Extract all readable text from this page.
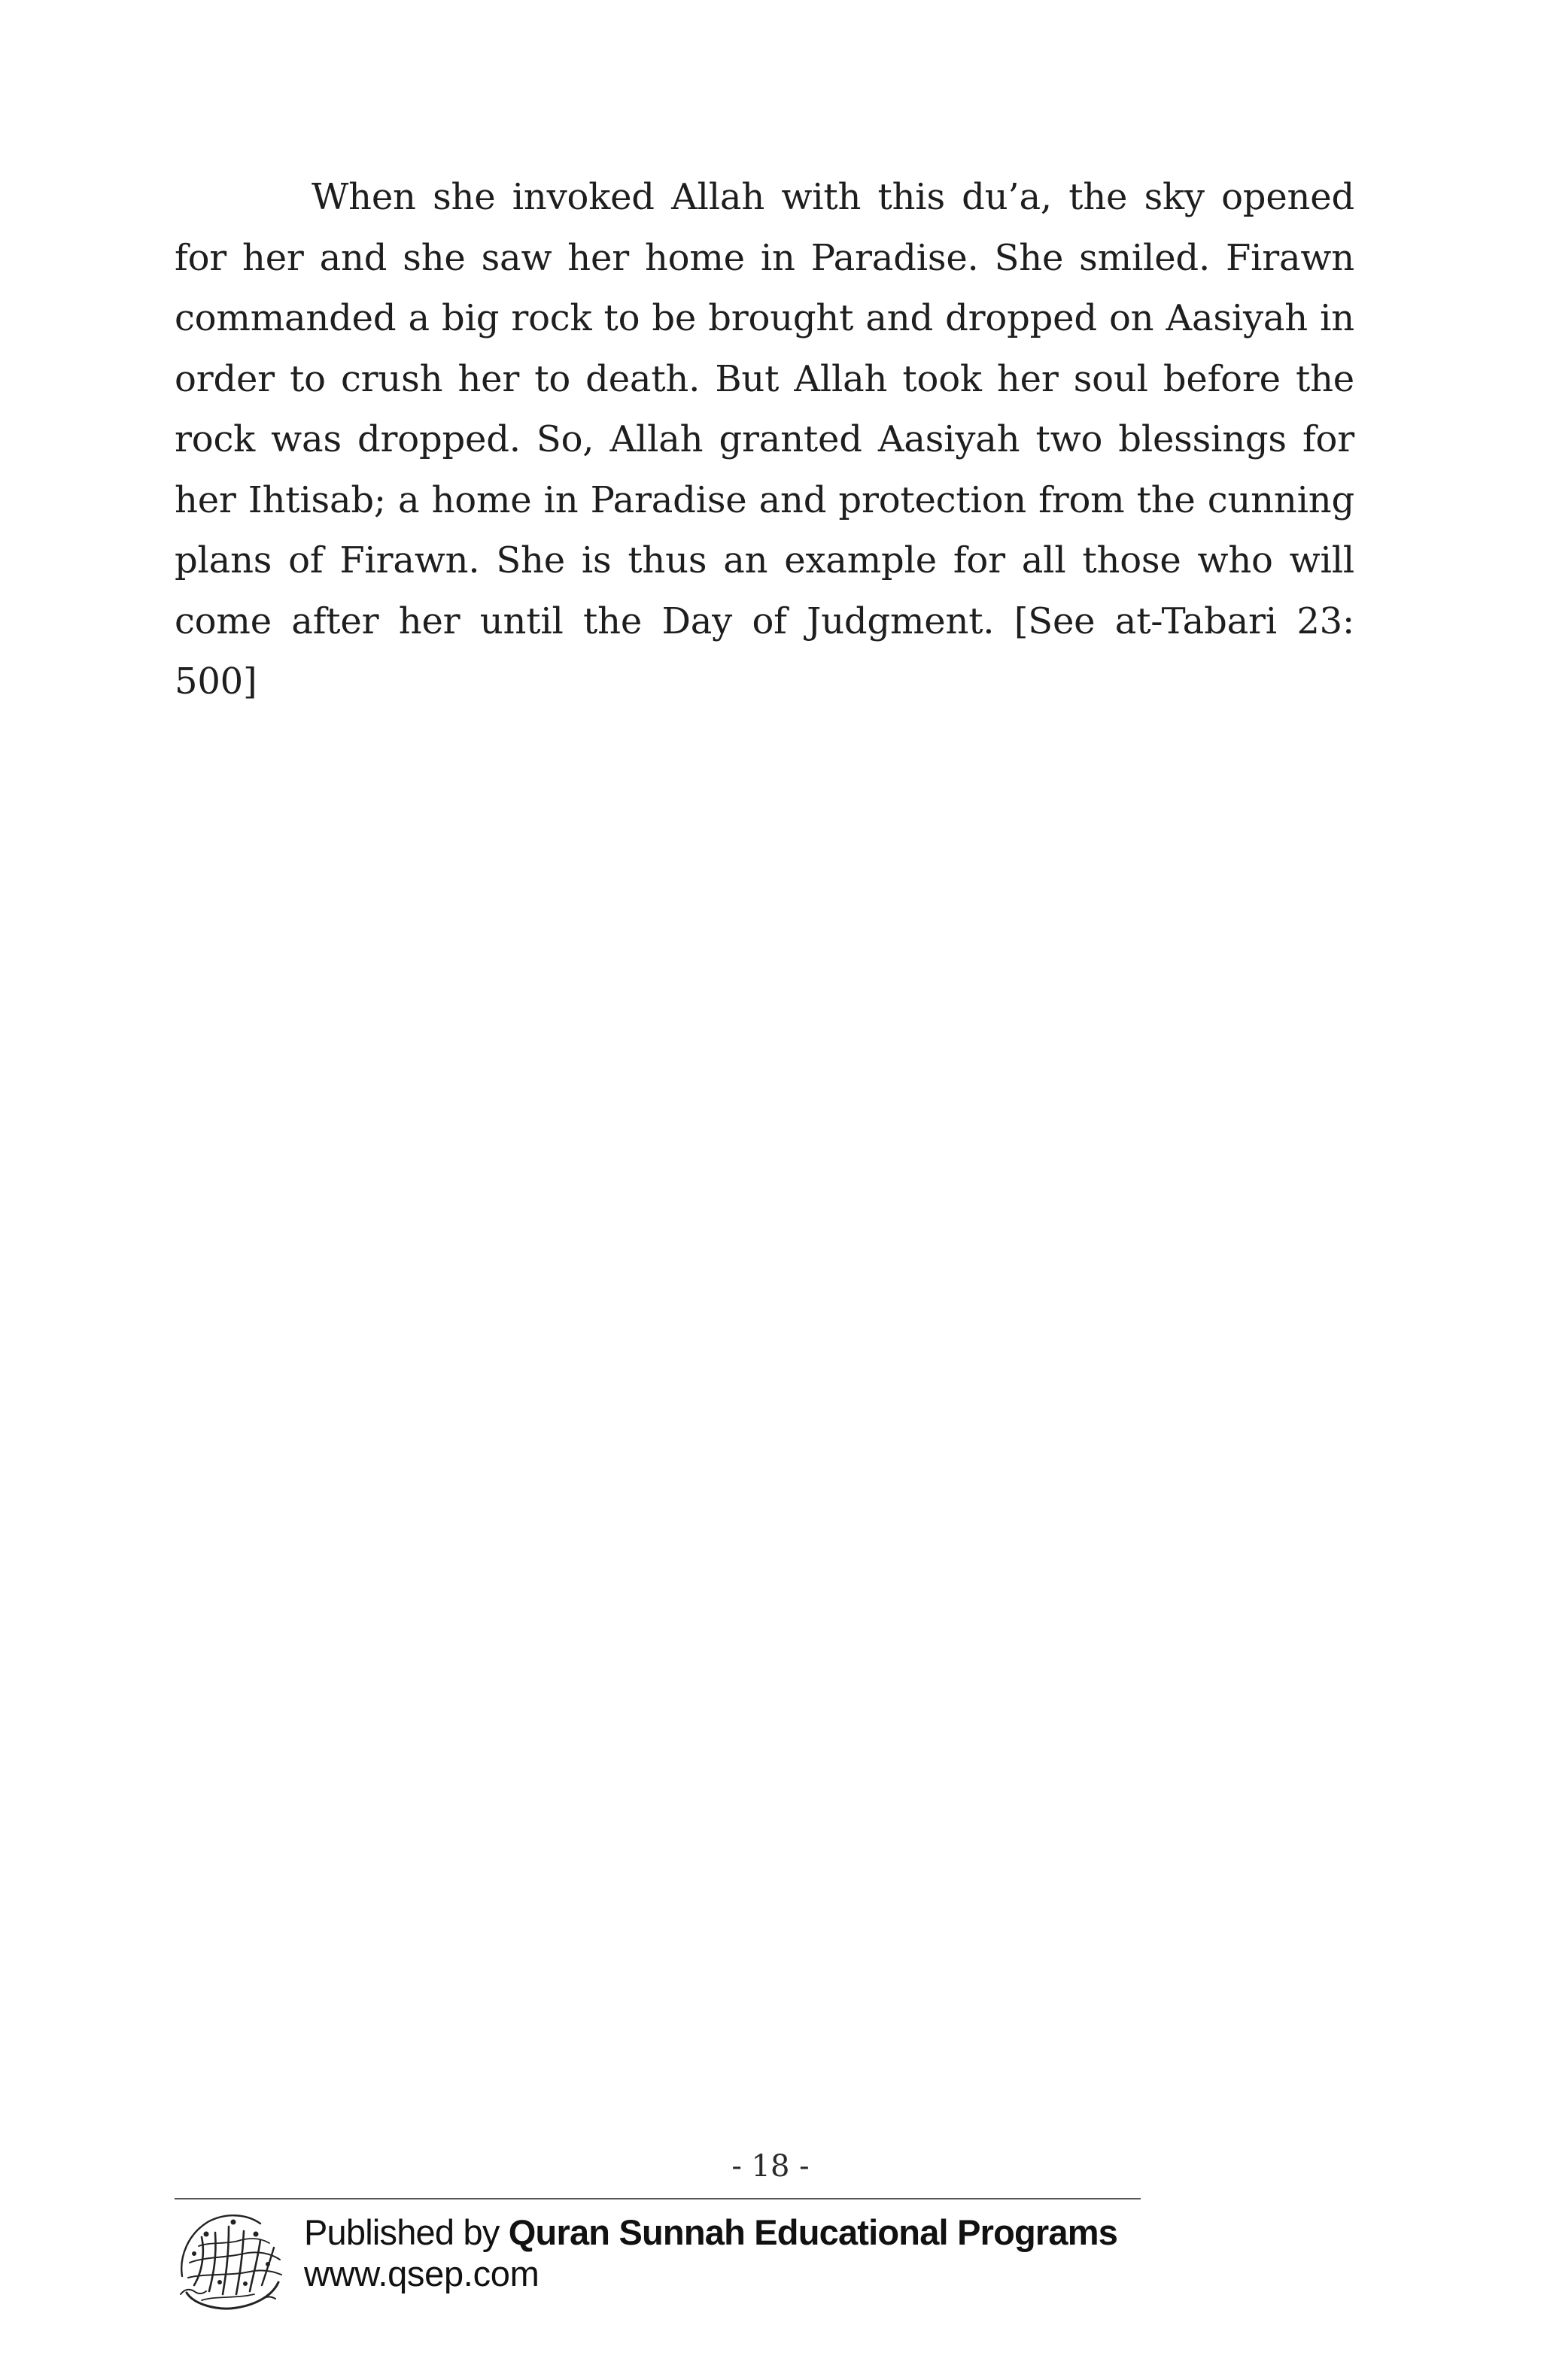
When she invoked Allah with this du’a, the sky opened for her and she saw her home in Paradise. She smiled. Firawn commanded a big rock to be brought and dropped on Aasiyah in order to crush her to death. But Allah took her soul before the rock was dropped. So, Allah granted Aasiyah two blessings for her Ihtisab; a home in Paradise and protection from the cunning plans of Firawn. She is thus an example for all those who will come after her until the Day of Judgment. [See at-Tabari 23: 500]

- 18 -
Published by Quran Sunnah Educational Programs
www.qsep.com
